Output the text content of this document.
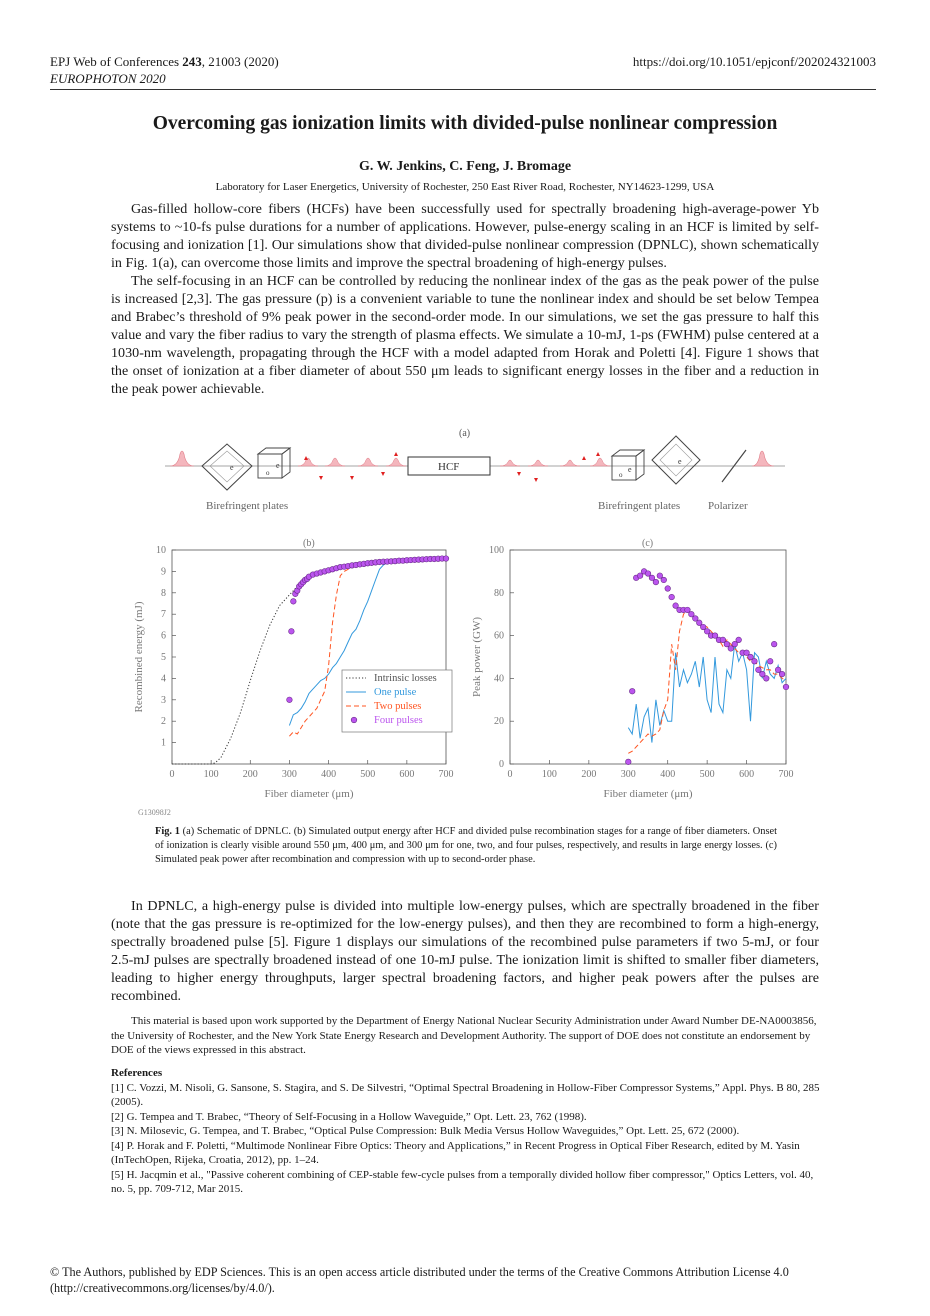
EPJ Web of Conferences 243, 21003 (2020)
EUROPHOTON 2020
https://doi.org/10.1051/epjconf/202024321003
Overcoming gas ionization limits with divided-pulse nonlinear compression
G. W. Jenkins, C. Feng, J. Bromage
Laboratory for Laser Energetics, University of Rochester, 250 East River Road, Rochester, NY14623-1299, USA

Gas-filled hollow-core fibers (HCFs) have been successfully used for spectrally broadening high-average-power Yb systems to ~10-fs pulse durations for a number of applications. However, pulse-energy scaling in an HCF is limited by self-focusing and ionization [1]. Our simulations show that divided-pulse nonlinear compression (DPNLC), shown schematically in Fig. 1(a), can overcome those limits and improve the spectral broadening of high-energy pulses.

The self-focusing in an HCF can be controlled by reducing the nonlinear index of the gas as the peak power of the pulse is increased [2,3]. The gas pressure (p) is a convenient variable to tune the nonlinear index and should be set below Tempea and Brabec’s threshold of 9% peak power in the second-order mode. In our simulations, we set the gas pressure to half this value and vary the fiber radius to vary the strength of plasma effects. We simulate a 10-mJ, 1-ps (FWHM) pulse centered at a 1030-nm wavelength, propagating through the HCF with a model adapted from Horak and Poletti [4]. Figure 1 shows that the onset of ionization at a fiber diameter of about 550 μm leads to significant energy losses in the fiber and a reduction in the peak power achievable.

(a)
e	e
o	HCF	e
o
e
Birefringent plates	Birefringent plates	Polarizer
0	100 200 300 400 500 600 700
1
2
3
4
5
6
7
8
9
10
(b)
Fiber diameter (μm)
Recombined energy (mJ)	Intrinsic losses
One pulse
Two pulses
Four pulses
0	100 200 300 400 500 600 700
0
20
40
60
80
100
(c)
Fiber diameter (μm)
Peak power (GW)
G13098J2
Fig. 1 (a) Schematic of DPNLC. (b) Simulated output energy after HCF and divided pulse recombination stages for a range of fiber diameters. Onset of ionization is clearly visible around 550 μm, 400 μm, and 300 μm for one, two, and four pulses, respectively, and results in large energy losses. (c) Simulated peak power after recombination and compression with up to second-order phase.

In DPNLC, a high-energy pulse is divided into multiple low-energy pulses, which are spectrally broadened in the fiber (note that the gas pressure is re-optimized for the low-energy pulses), and then they are recombined to form a high-energy, spectrally broadened pulse [5]. Figure 1 displays our simulations of the recombined pulse parameters if two 5-mJ, or four 2.5-mJ pulses are spectrally broadened instead of one 10-mJ pulse. The ionization limit is shifted to smaller fiber diameters, leading to higher energy throughputs, larger spectral broadening factors, and higher peak powers after the pulses are recombined.

This material is based upon work supported by the Department of Energy National Nuclear Security Administration under Award Number DE-NA0003856, the University of Rochester, and the New York State Energy Research and Development Authority. The support of DOE does not constitute an endorsement by DOE of the views expressed in this abstract.

References

[1] C. Vozzi, M. Nisoli, G. Sansone, S. Stagira, and S. De Silvestri, “Optimal Spectral Broadening in Hollow-Fiber Compressor Systems,” Appl. Phys. B 80, 285 (2005).

[2] G. Tempea and T. Brabec, “Theory of Self-Focusing in a Hollow Waveguide,” Opt. Lett. 23, 762 (1998).

[3] N. Milosevic, G. Tempea, and T. Brabec, “Optical Pulse Compression: Bulk Media Versus Hollow Waveguides,” Opt. Lett. 25, 672 (2000).

[4] P. Horak and F. Poletti, “Multimode Nonlinear Fibre Optics: Theory and Applications,” in Recent Progress in Optical Fiber Research, edited by M. Yasin (InTechOpen, Rijeka, Croatia, 2012), pp. 1–24.

[5] H. Jacqmin et al., "Passive coherent combining of CEP-stable few-cycle pulses from a temporally divided hollow fiber compressor," Optics Letters, vol. 40, no. 5, pp. 709-712, Mar 2015.

© The Authors, published by EDP Sciences. This is an open access article distributed under the terms of the Creative Commons Attribution License 4.0 (http://creativecommons.org/licenses/by/4.0/).
